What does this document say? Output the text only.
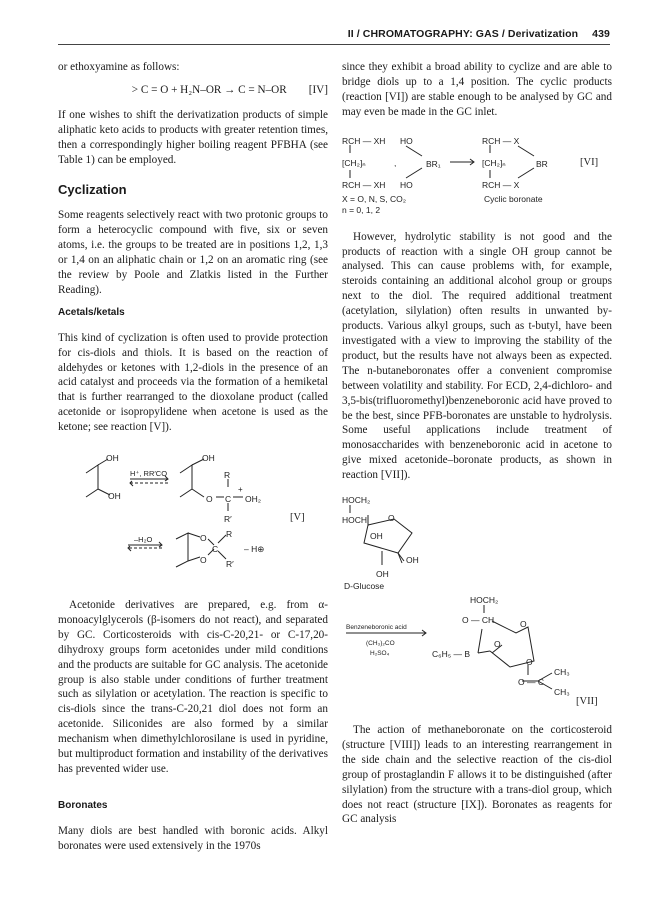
II / CHROMATOGRAPHY: GAS / Derivatization 439

or ethoxyamine as follows:

> C = O + H₂N–OR → C = N–OR [IV]

If one wishes to shift the derivatization products of simple aliphatic keto acids to products with greater retention times, then a correspondingly higher boiling reagent PFBHA (see Table 1) can be employed.

Cyclization

Some reagents selectively react with two protonic groups to form a heterocyclic compound with five, six or seven atoms, i.e. the groups to be treated are in positions 1,2, 1,3 or 1,4 on an aliphatic chain or 1,2 on an aromatic ring (see the review by Poole and Zlatkis listed in the Further Reading).

Acetals/ketals

This kind of cyclization is often used to provide protection for cis-diols and thiols. It is based on the reaction of aldehydes or ketones with 1,2-diols in the presence of an acid catalyst and proceeds via the formation of a hemiketal that is further rearranged to the dioxolane product (called acetonide or isopropylidene when acetone is used as the ketone; see reaction [V]).

OH
OH
H⁺, RR′CO
OH
R
+
O C OH₂
R′	[V]
–H₂O	O
C
R
R′
O
– H⊕

Acetonide derivatives are prepared, e.g. from α-monoacylglycerols (β-isomers do not react), and separated by GC. Corticosteroids with cis-C-20,21- or C-17,20-dihydroxy groups form acetonides under mild conditions and the products are suitable for GC analysis. The acetonide group is also stable under conditions of further treatment such as silylation or acetylation. The reaction is specific to cis-diols since the trans-C-20,21 diol does not form an acetonide. Siliconides are also formed by a similar mechanism when dimethylchlorosilane is used in pyridine, but multiproduct formation and instability of the derivatives has prevented wider use.

Boronates

Many diols are best handled with boronic acids. Alkyl boronates were used extensively in the 1970s

since they exhibit a broad ability to cyclize and are able to bridge diols up to a 1,4 position. The cyclic products (reaction [VI]) are stable enough to be analysed by GC and may even be made in the GC inlet.

RCH — XH HO
[CH₂]ₙ	,	BR₁
RCH — XH HO
RCH — X
[CH₂]ₙ	BR
RCH — X
[VI]
X = O, N, S, CO₂
n = 0, 1, 2
Cyclic boronate

However, hydrolytic stability is not good and the products of reaction with a single OH group cannot be analysed. This can cause problems with, for example, steroids containing an additional alcohol group or groups next to the diol. The required additional treatment (acetylation, silylation) often results in unwanted by-products. Various alkyl groups, such as t-butyl, have been investigated with a view to improving the stability of the product, but the results have not always been as expected. The n-butaneboronates offer a convenient compromise between volatility and stability. For ECD, 2,4-dichloro- and 3,5-bis(trifluoromethyl)benzeneboronic acid have proved to be the best, since PFB-boronates are unstable to hydrolysis. Some useful applications include treatment of monosaccharides with benzeneboronic acid in acetone to give mixed acetonide–boronate products, as shown in reaction [VII]).

HOCH₂
HOCH O
OH
OH
OH
D-Glucose
HOCH₂
O — CH	O
Benzeneboronic acid
(CH₃)₂CO
H₂SO₄	C₆H₅ — B
O
O
O — C
CH₃
CH₃
[VII]

The action of methaneboronate on the corticosteroid (structure [VIII]) leads to an interesting rearrangement in the side chain and the selective reaction of the cis-diol group of prostaglandin F allows it to be distinguished (after silylation) from the structure with a trans-diol group, which does not react (structure [IX]). Boronates as reagents for GC analysis
